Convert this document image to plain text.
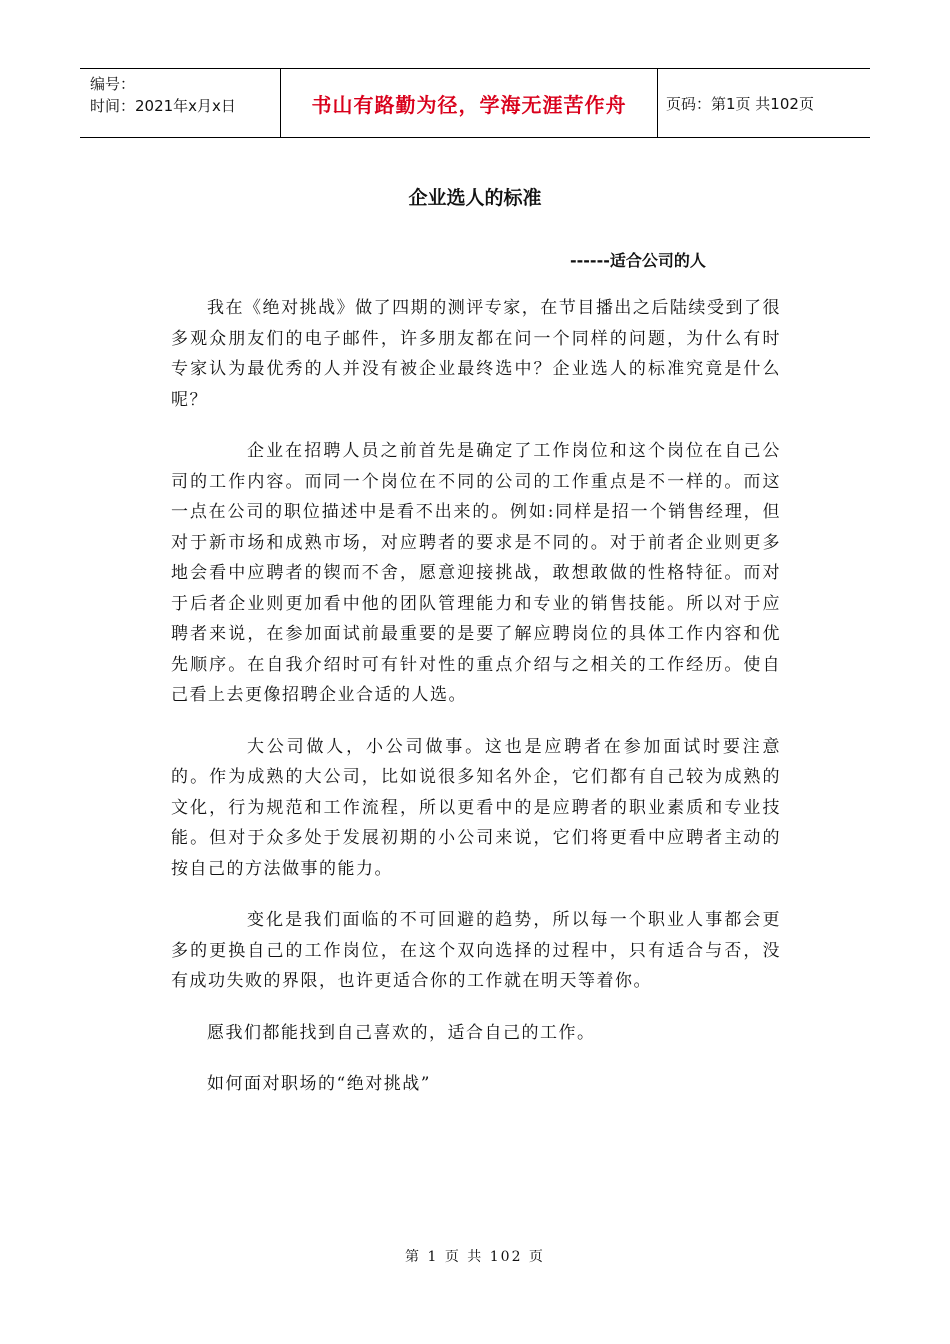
编号：
时间：2021年x月x日	书山有路勤为径，学海无涯苦作舟	页码：第1页 共102页
企业选人的标准
------适合公司的人

我在《绝对挑战》做了四期的测评专家，在节目播出之后陆续受到了很多观众朋友们的电子邮件，许多朋友都在问一个同样的问题，为什么有时专家认为最优秀的人并没有被企业最终选中？企业选人的标准究竟是什么呢？

企业在招聘人员之前首先是确定了工作岗位和这个岗位在自己公司的工作内容。而同一个岗位在不同的公司的工作重点是不一样的。而这一点在公司的职位描述中是看不出来的。例如:同样是招一个销售经理，但对于新市场和成熟市场，对应聘者的要求是不同的。对于前者企业则更多地会看中应聘者的锲而不舍，愿意迎接挑战，敢想敢做的性格特征。而对于后者企业则更加看中他的团队管理能力和专业的销售技能。所以对于应聘者来说，在参加面试前最重要的是要了解应聘岗位的具体工作内容和优先顺序。在自我介绍时可有针对性的重点介绍与之相关的工作经历。使自己看上去更像招聘企业合适的人选。

大公司做人，小公司做事。这也是应聘者在参加面试时要注意的。作为成熟的大公司，比如说很多知名外企，它们都有自己较为成熟的文化，行为规范和工作流程，所以更看中的是应聘者的职业素质和专业技能。但对于众多处于发展初期的小公司来说，它们将更看中应聘者主动的按自己的方法做事的能力。

变化是我们面临的不可回避的趋势，所以每一个职业人事都会更多的更换自己的工作岗位，在这个双向选择的过程中，只有适合与否，没有成功失败的界限，也许更适合你的工作就在明天等着你。

愿我们都能找到自己喜欢的，适合自己的工作。

如何面对职场的“绝对挑战”

第 1 页 共 102 页
